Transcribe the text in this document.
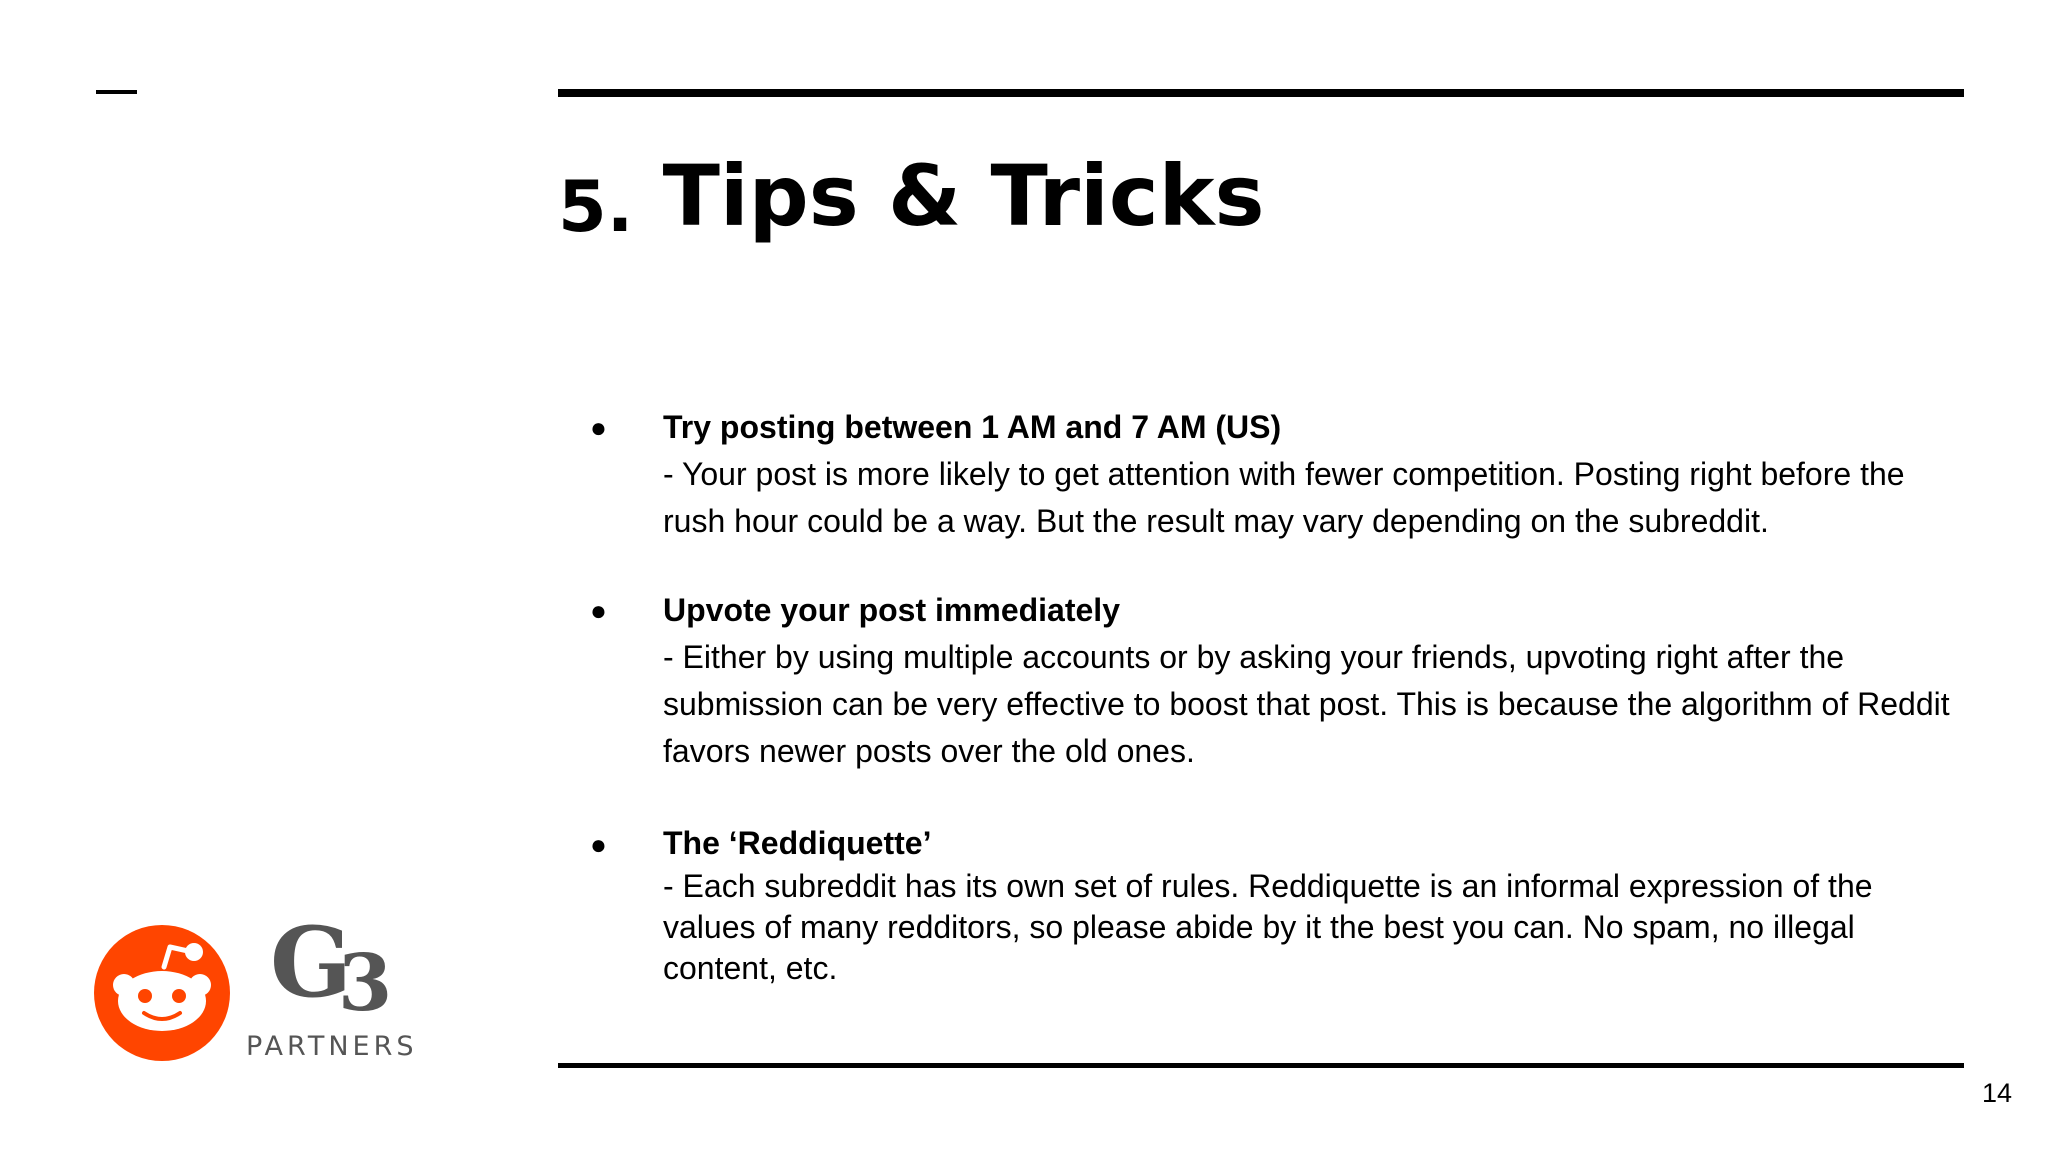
5. Tips & Tricks
● Try posting between 1 AM and 7 AM (US)
- Your post is more likely to get attention with fewer competition. Posting right before the rush hour could be a way. But the result may vary depending on the subreddit.
● Upvote your post immediately
- Either by using multiple accounts or by asking your friends, upvoting right after the submission can be very effective to boost that post. This is because the algorithm of Reddit favors newer posts over the old ones.
● The ‘Reddiquette’
- Each subreddit has its own set of rules. Reddiquette is an informal expression of the values of many redditors, so please abide by it the best you can. No spam, no illegal content, etc.
G3
PARTNERS
14
